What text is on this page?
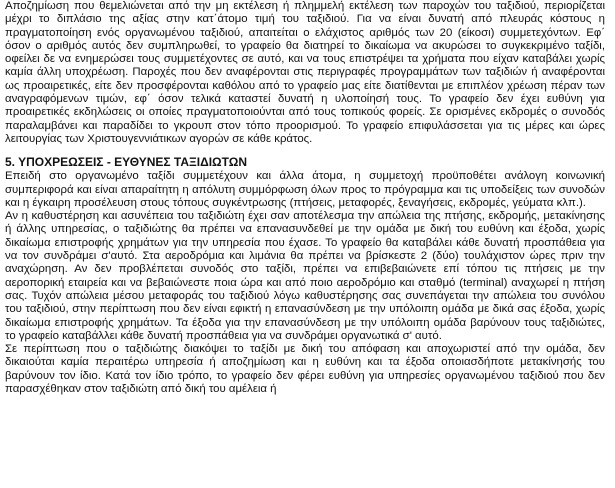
Αποζημίωση που θεμελιώνεται από την μη εκτέλεση ή πλημμελή εκτέλεση των παροχών του ταξιδιού, περιορίζεται μέχρι το διπλάσιο της αξίας στην κατ΄άτομο τιμή του ταξιδιού. Για να είναι δυνατή από πλευράς κόστους η πραγματοποίηση ενός οργανωμένου ταξιδιού, απαιτείται ο ελάχιστος αριθμός των 20 (είκοσι) συμμετεχόντων. Εφ΄ όσον ο αριθμός αυτός δεν συμπληρωθεί, το γραφείο θα διατηρεί το δικαίωμα να ακυρώσει το συγκεκριμένο ταξίδι, οφείλει δε να ενημερώσει τους συμμετέχοντες σε αυτό, και να τους επιστρέψει τα χρήματα που είχαν καταβάλει χωρίς καμία άλλη υποχρέωση. Παροχές που δεν αναφέρονται στις περιγραφές προγραμμάτων των ταξιδιών ή αναφέρονται ως προαιρετικές, είτε δεν προσφέρονται καθόλου από το γραφείο μας είτε διατίθενται με επιπλέον χρέωση πέραν των αναγραφόμενων τιμών, εφ΄ όσον τελικά καταστεί δυνατή η υλοποίησή τους. Το γραφείο δεν έχει ευθύνη για προαιρετικές εκδηλώσεις οι οποίες πραγματοποιούνται από τους τοπικούς φορείς. Σε ορισμένες εκδρομές ο συνοδός παραλαμβάνει και παραδίδει το γκρουπ στον τόπο προορισμού. Το γραφείο επιφυλάσσεται για τις μέρες και ώρες λειτουργίας των Χριστουγεννιάτικων αγορών σε κάθε κράτος.

5. ΥΠΟΧΡΕΩΣΕΙΣ - ΕΥΘΥΝΕΣ ΤΑΞΙΔΙΩΤΩΝ

Επειδή στο οργανωμένο ταξίδι συμμετέχουν και άλλα άτομα, η συμμετοχή προϋποθέτει ανάλογη κοινωνική συμπεριφορά και είναι απαραίτητη η απόλυτη συμμόρφωση όλων προς το πρόγραμμα και τις υποδείξεις των συνοδών και η έγκαιρη προσέλευση στους τόπους συγκέντρωσης (πτήσεις, μεταφορές, ξεναγήσεις, εκδρομές, γεύματα κλπ.).

Αν η καθυστέρηση και ασυνέπεια του ταξιδιώτη έχει σαν αποτέλεσμα την απώλεια της πτήσης, εκδρομής, μετακίνησης ή άλλης υπηρεσίας, ο ταξιδιώτης θα πρέπει να επανασυνδεθεί με την ομάδα με δική του ευθύνη και έξοδα, χωρίς δικαίωμα επιστροφής χρημάτων για την υπηρεσία που έχασε. Το γραφείο θα καταβάλει κάθε δυνατή προσπάθεια για να τον συνδράμει σ'αυτό. Στα αεροδρόμια και λιμάνια θα πρέπει να βρίσκεστε 2 (δύο) τουλάχιστον ώρες πριν την αναχώρηση. Αν δεν προβλέπεται συνοδός στο ταξίδι, πρέπει να επιβεβαιώνετε επί τόπου τις πτήσεις με την αεροπορική εταιρεία και να βεβαιώνεστε ποια ώρα και από ποιο αεροδρόμιο και σταθμό (terminal) αναχωρεί η πτήση σας. Τυχόν απώλεια μέσου μεταφοράς του ταξιδιού λόγω καθυστέρησης σας συνεπάγεται την απώλεια του συνόλου του ταξιδιού, στην περίπτωση που δεν είναι εφικτή η επανασύνδεση με την υπόλοιπη ομάδα με δικά σας έξοδα, χωρίς δικαίωμα επιστροφής χρημάτων. Τα έξοδα για την επανασύνδεση με την υπόλοιπη ομάδα βαρύνουν τους ταξιδιώτες, το γραφείο καταβάλλει κάθε δυνατή προσπάθεια για να συνδράμει οργανωτικά σ' αυτό.

Σε περίπτωση που ο ταξιδιώτης διακόψει το ταξίδι με δική του απόφαση και αποχωριστεί από την ομάδα, δεν δικαιούται καμία περαιτέρω υπηρεσία ή αποζημίωση και η ευθύνη και τα έξοδα οποιασδήποτε μετακίνησής του βαρύνουν τον ίδιο. Κατά τον ίδιο τρόπο, το γραφείο δεν φέρει ευθύνη για υπηρεσίες οργανωμένου ταξιδιού που δεν παρασχέθηκαν στον ταξιδιώτη από δική του αμέλεια ή
